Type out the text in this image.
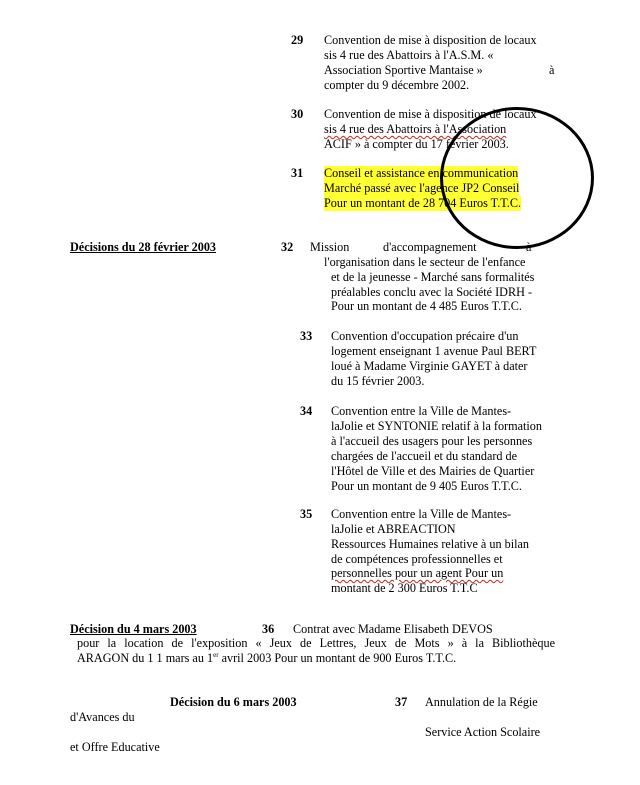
29 Convention de mise à disposition de locaux
sis 4 rue des Abattoirs à l'A.S.M. «
Association Sportive Mantaise »	à
compter du 9 décembre 2002.
30 Convention de mise à disposition de locaux
sis 4 rue des Abattoirs à l'Association
ACIF » à compter du 17 février 2003.
31 Conseil et assistance en communication
Marché passé avec l'agence JP2 Conseil
Pour un montant de 28 704 Euros T.T.C.
Décisions du 28 février 2003	32 Mission	d'accompagnement	à
l'organisation dans le secteur de l'enfance
et de la jeunesse - Marché sans formalités
préalables conclu avec la Société IDRH -
Pour un montant de 4 485 Euros T.T.C.
33 Convention d'occupation précaire d'un
logement enseignant 1 avenue Paul BERT
loué à Madame Virginie GAYET à dater
du 15 février 2003.
34 Convention entre la Ville de Mantes-
laJolie et SYNTONIE relatif à la formation
à l'accueil des usagers pour les personnes
chargées de l'accueil et du standard de
l'Hôtel de Ville et des Mairies de Quartier
Pour un montant de 9 405 Euros T.T.C.
35 Convention entre la Ville de Mantes-
laJolie et ABREACTION
Ressources Humaines relative à un bilan
de compétences professionnelles et
personnelles pour un agent Pour un
montant de 2 300 Euros T.T.C
Décision du 4 mars 2003	36 Contrat avec Madame Elisabeth DEVOS
pour la location de l'exposition « Jeux de Lettres, Jeux de Mots » à la Bibliothèque
ARAGON du 1 1 mars au 1er avril 2003 Pour un montant de 900 Euros T.T.C.
Décision du 6 mars 2003	37 Annulation de la Régie
d'Avances du
Service Action Scolaire
et Offre Educative
